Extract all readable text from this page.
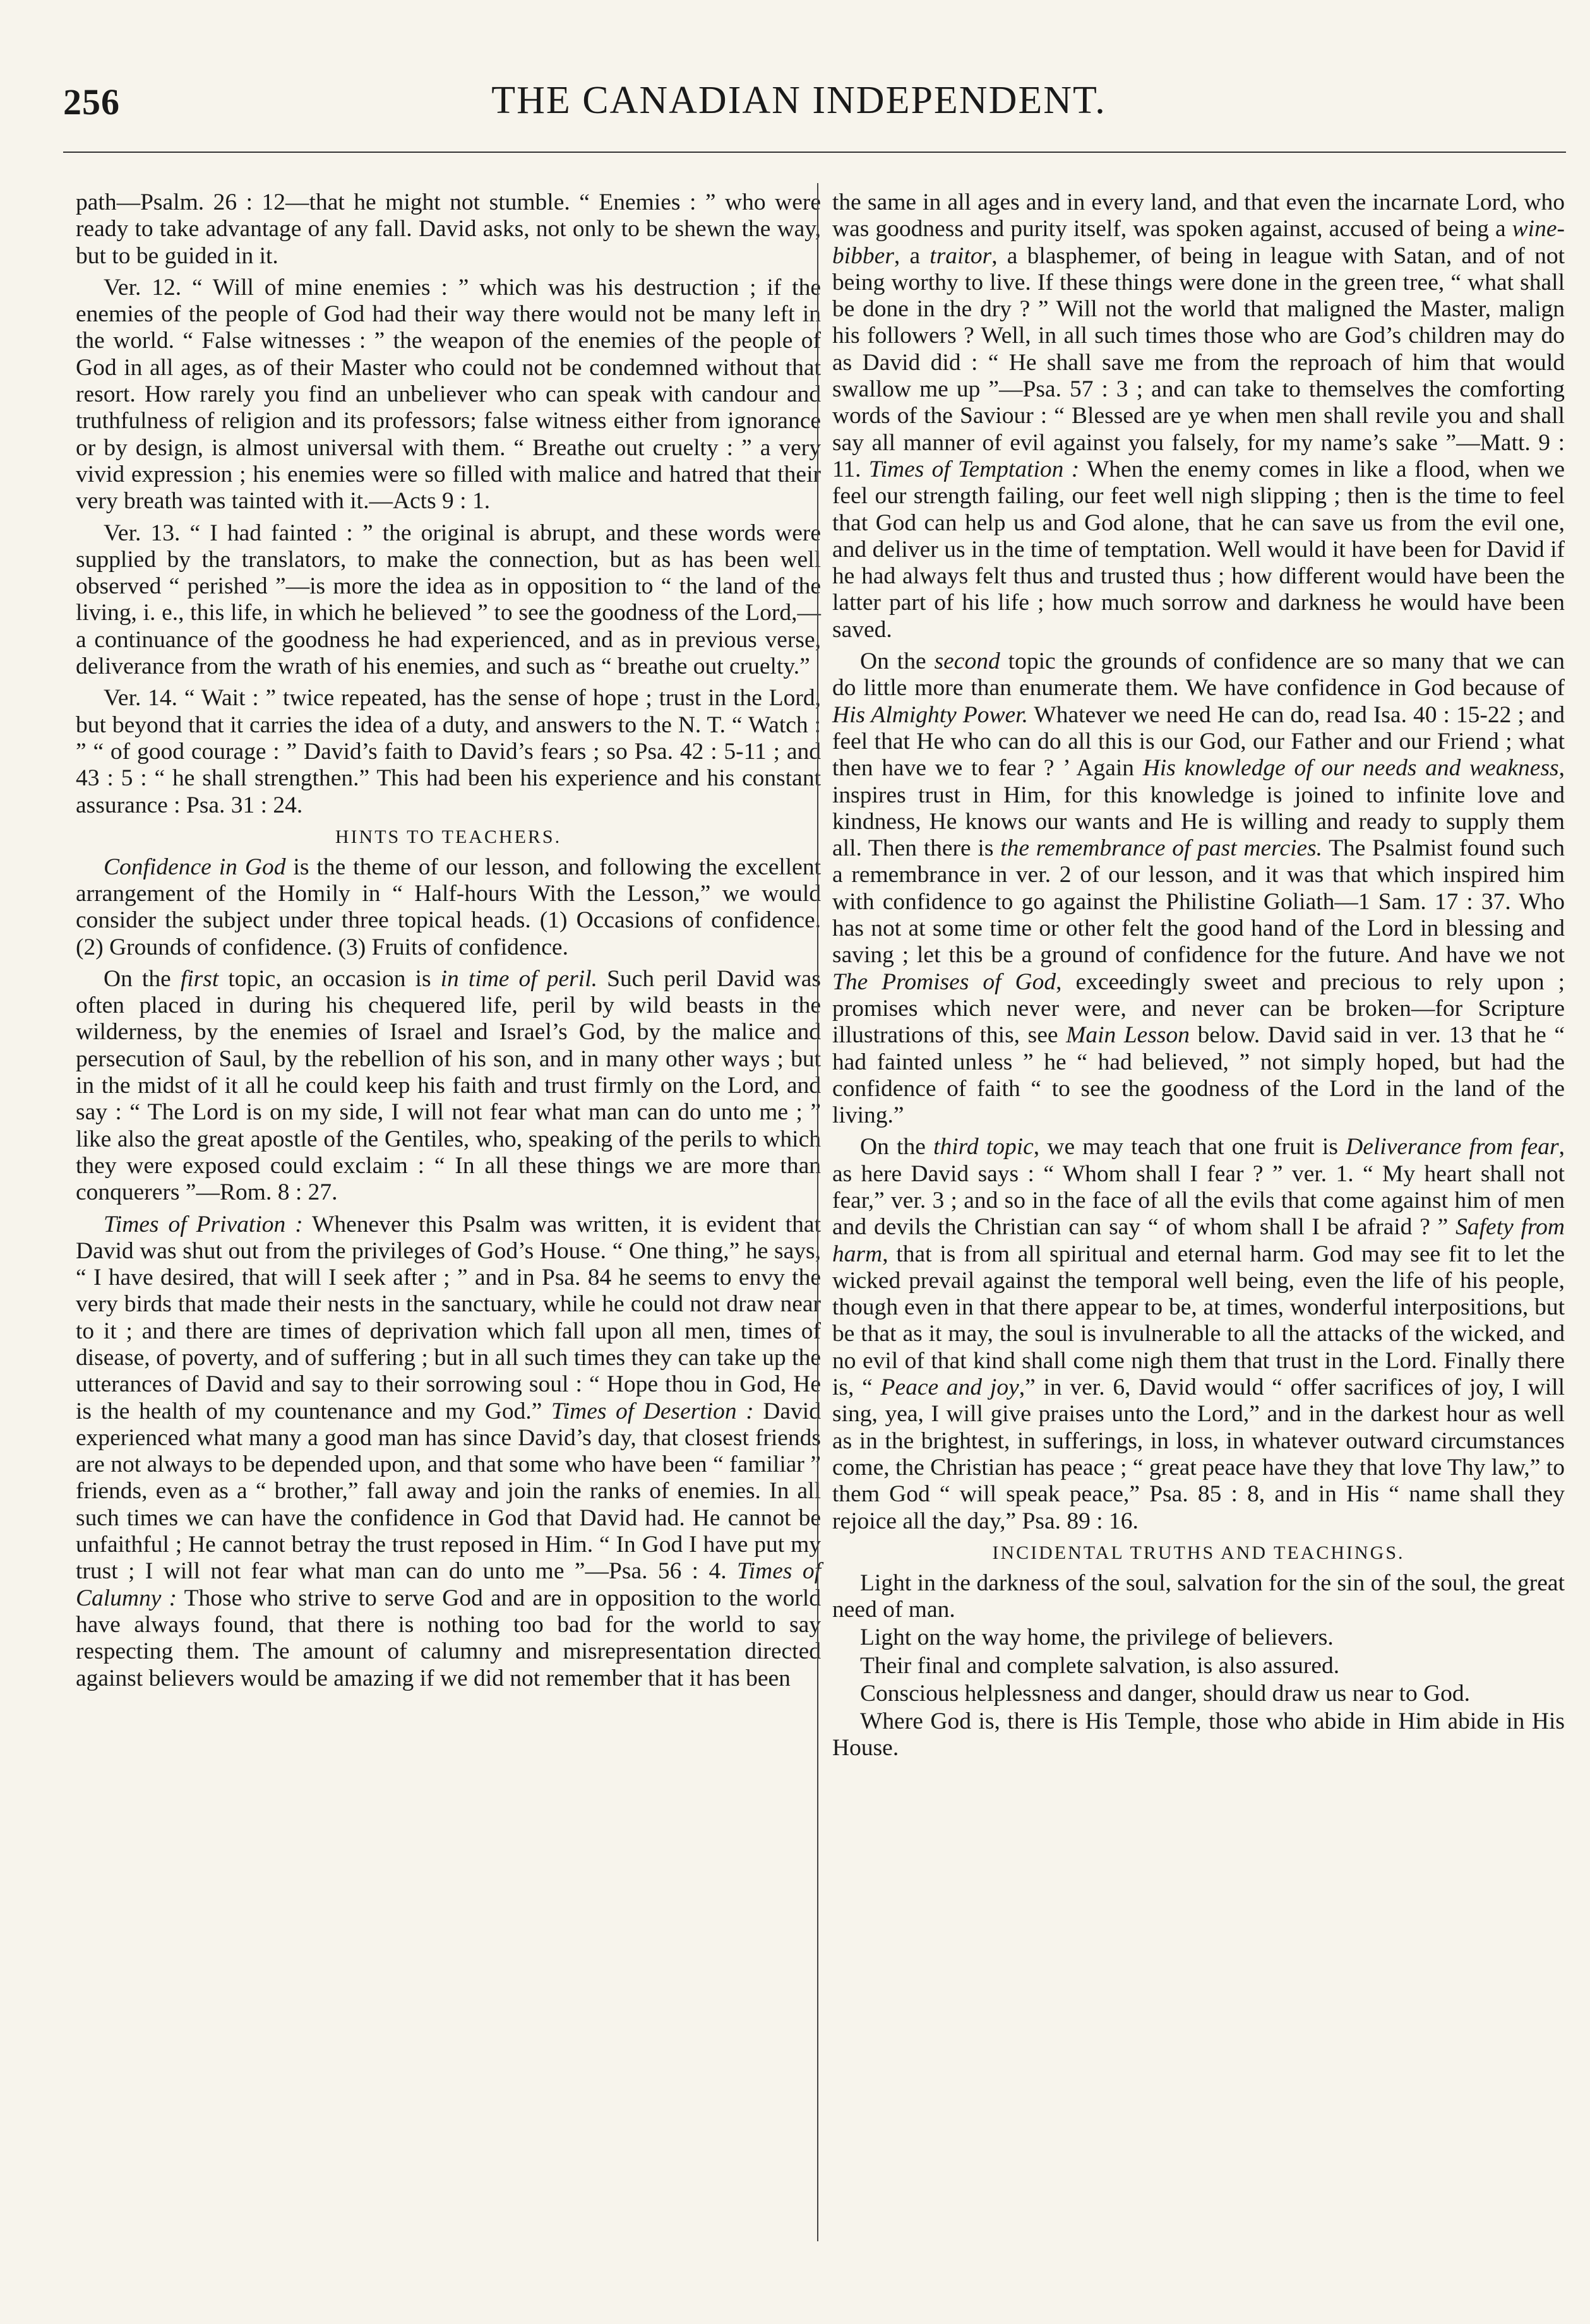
256	THE CANADIAN INDEPENDENT.

path—Psalm. 26 : 12—that he might not stumble. “ Enemies : ” who were ready to take advantage of any fall. David asks, not only to be shewn the way, but to be guided in it.

Ver. 12. “ Will of mine enemies : ” which was his destruction ; if the enemies of the people of God had their way there would not be many left in the world. “ False witnesses : ” the weapon of the enemies of the people of God in all ages, as of their Master who could not be condemned without that resort. How rarely you find an unbeliever who can speak with candour and truthfulness of religion and its professors; false witness either from ignorance or by design, is almost universal with them. “ Breathe out cruelty : ” a very vivid expression ; his enemies were so filled with malice and hatred that their very breath was tainted with it.—Acts 9 : 1.

Ver. 13. “ I had fainted : ” the original is abrupt, and these words were supplied by the translators, to make the connection, but as has been well observed “ perished ”—is more the idea as in opposition to “ the land of the living, i. e., this life, in which he believed ” to see the goodness of the Lord,—a continuance of the goodness he had experienced, and as in previous verse, deliverance from the wrath of his enemies, and such as “ breathe out cruelty.”

Ver. 14. “ Wait : ” twice repeated, has the sense of hope ; trust in the Lord, but beyond that it carries the idea of a duty, and answers to the N. T. “ Watch : ” “ of good courage : ” David’s faith to David’s fears ; so Psa. 42 : 5-11 ; and 43 : 5 : “ he shall strengthen.” This had been his experience and his constant assurance : Psa. 31 : 24.

HINTS TO TEACHERS.

Confidence in God is the theme of our lesson, and following the excellent arrangement of the Homily in “ Half-hours With the Lesson,” we would consider the subject under three topical heads. (1) Occasions of confidence. (2) Grounds of confidence. (3) Fruits of confidence.

On the first topic, an occasion is in time of peril. Such peril David was often placed in during his chequered life, peril by wild beasts in the wilderness, by the enemies of Israel and Israel’s God, by the malice and persecution of Saul, by the rebellion of his son, and in many other ways ; but in the midst of it all he could keep his faith and trust firmly on the Lord, and say : “ The Lord is on my side, I will not fear what man can do unto me ; ” like also the great apostle of the Gentiles, who, speaking of the perils to which they were exposed could exclaim : “ In all these things we are more than conquerers ”—Rom. 8 : 27.

Times of Privation : Whenever this Psalm was written, it is evident that David was shut out from the privileges of God’s House. “ One thing,” he says, “ I have desired, that will I seek after ; ” and in Psa. 84 he seems to envy the very birds that made their nests in the sanctuary, while he could not draw near to it ; and there are times of deprivation which fall upon all men, times of disease, of poverty, and of suffering ; but in all such times they can take up the utterances of David and say to their sorrowing soul : “ Hope thou in God, He is the health of my countenance and my God.” Times of Desertion : David experienced what many a good man has since David’s day, that closest friends are not always to be depended upon, and that some who have been “ familiar ” friends, even as a “ brother,” fall away and join the ranks of enemies. In all such times we can have the confidence in God that David had. He cannot be unfaithful ; He cannot betray the trust reposed in Him. “ In God I have put my trust ; I will not fear what man can do unto me ”—Psa. 56 : 4. Times of Calumny : Those who strive to serve God and are in opposition to the world have always found, that there is nothing too bad for the world to say respecting them. The amount of calumny and misrepresentation directed against believers would be amazing if we did not remember that it has been

the same in all ages and in every land, and that even the incarnate Lord, who was goodness and purity itself, was spoken against, accused of being a wine-bibber, a traitor, a blasphemer, of being in league with Satan, and of not being worthy to live. If these things were done in the green tree, “ what shall be done in the dry ? ” Will not the world that maligned the Master, malign his followers ? Well, in all such times those who are God’s children may do as David did : “ He shall save me from the reproach of him that would swallow me up ”—Psa. 57 : 3 ; and can take to themselves the comforting words of the Saviour : “ Blessed are ye when men shall revile you and shall say all manner of evil against you falsely, for my name’s sake ”—Matt. 9 : 11. Times of Temptation : When the enemy comes in like a flood, when we feel our strength failing, our feet well nigh slipping ; then is the time to feel that God can help us and God alone, that he can save us from the evil one, and deliver us in the time of temptation. Well would it have been for David if he had always felt thus and trusted thus ; how different would have been the latter part of his life ; how much sorrow and darkness he would have been saved.

On the second topic the grounds of confidence are so many that we can do little more than enumerate them. We have confidence in God because of His Almighty Power. Whatever we need He can do, read Isa. 40 : 15-22 ; and feel that He who can do all this is our God, our Father and our Friend ; what then have we to fear ? ’ Again His knowledge of our needs and weakness, inspires trust in Him, for this knowledge is joined to infinite love and kindness, He knows our wants and He is willing and ready to supply them all. Then there is the remembrance of past mercies. The Psalmist found such a remembrance in ver. 2 of our lesson, and it was that which inspired him with confidence to go against the Philistine Goliath—1 Sam. 17 : 37. Who has not at some time or other felt the good hand of the Lord in blessing and saving ; let this be a ground of confidence for the future. And have we not The Promises of God, exceedingly sweet and precious to rely upon ; promises which never were, and never can be broken—for Scripture illustrations of this, see Main Lesson below. David said in ver. 13 that he “ had fainted unless ” he “ had believed, ” not simply hoped, but had the confidence of faith “ to see the goodness of the Lord in the land of the living.”

On the third topic, we may teach that one fruit is Deliverance from fear, as here David says : “ Whom shall I fear ? ” ver. 1. “ My heart shall not fear,” ver. 3 ; and so in the face of all the evils that come against him of men and devils the Christian can say “ of whom shall I be afraid ? ” Safety from harm, that is from all spiritual and eternal harm. God may see fit to let the wicked prevail against the temporal well being, even the life of his people, though even in that there appear to be, at times, wonderful interpositions, but be that as it may, the soul is invulnerable to all the attacks of the wicked, and no evil of that kind shall come nigh them that trust in the Lord. Finally there is, “ Peace and joy,” in ver. 6, David would “ offer sacrifices of joy, I will sing, yea, I will give praises unto the Lord,” and in the darkest hour as well as in the brightest, in sufferings, in loss, in whatever outward circumstances come, the Christian has peace ; “ great peace have they that love Thy law,” to them God “ will speak peace,” Psa. 85 : 8, and in His “ name shall they rejoice all the day,” Psa. 89 : 16.

INCIDENTAL TRUTHS AND TEACHINGS.

Light in the darkness of the soul, salvation for the sin of the soul, the great need of man.

Light on the way home, the privilege of believers.

Their final and complete salvation, is also assured.

Conscious helplessness and danger, should draw us near to God.

Where God is, there is His Temple, those who abide in Him abide in His House.
